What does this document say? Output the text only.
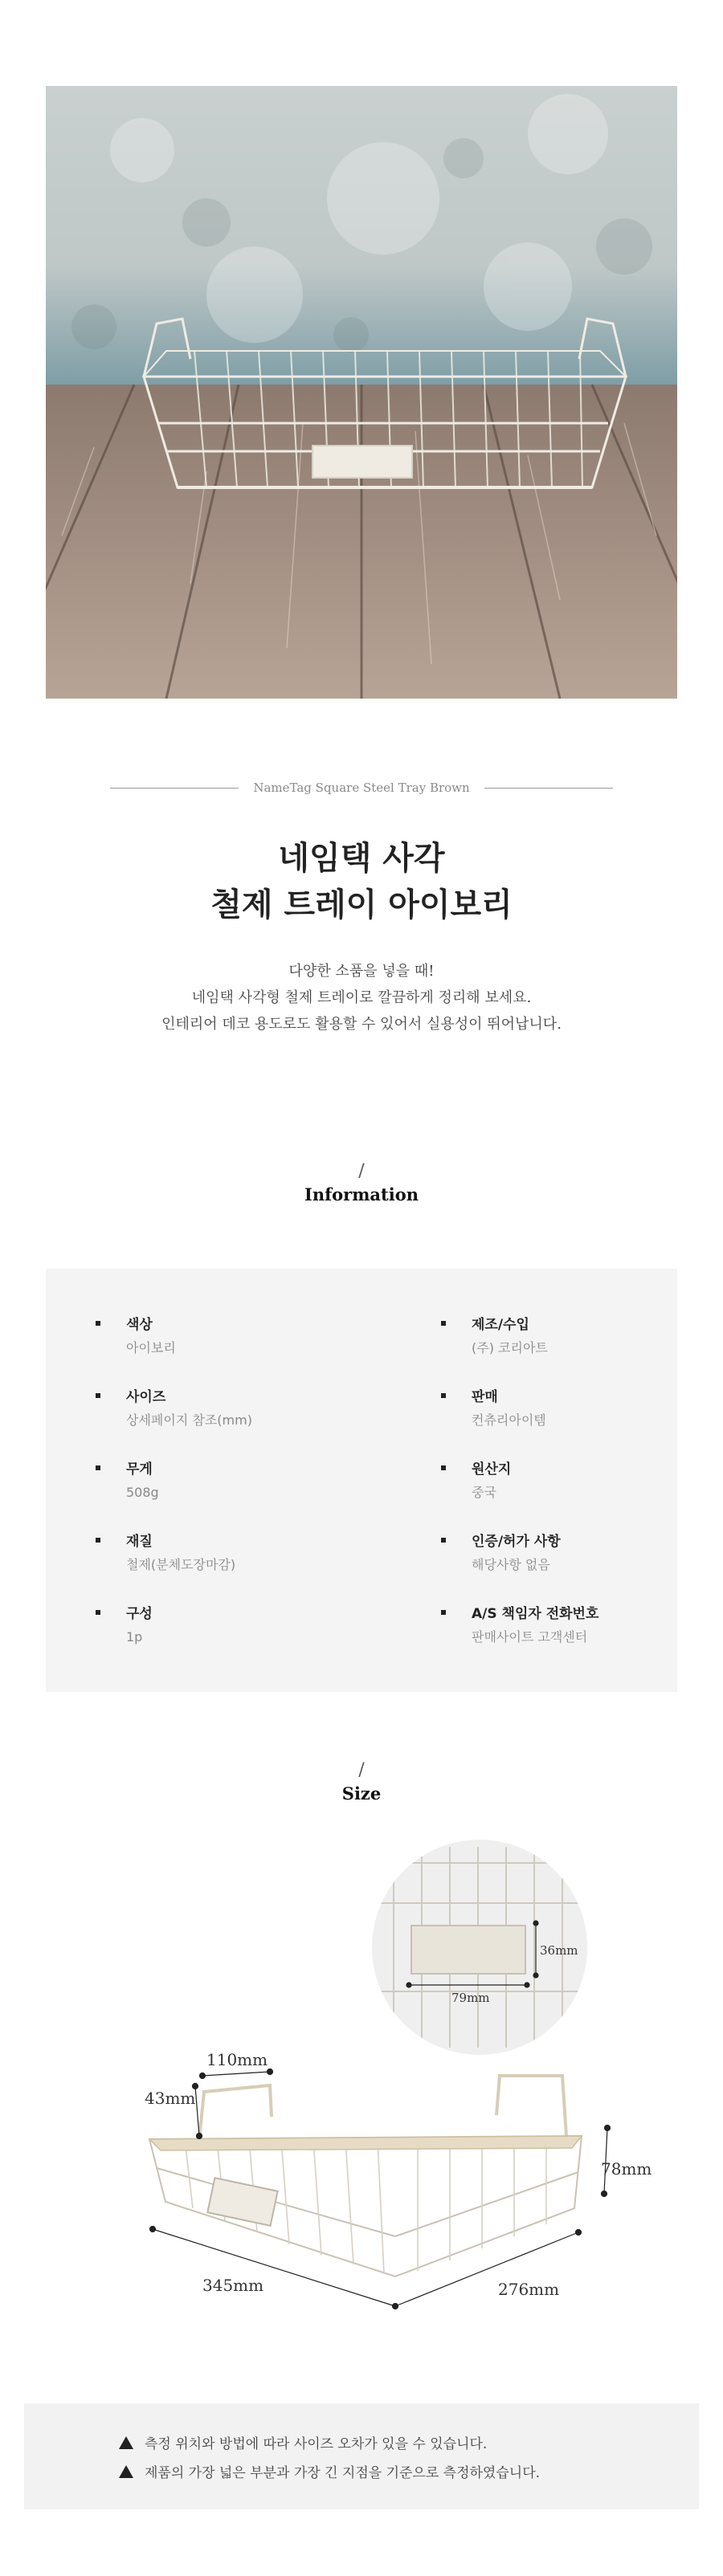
NameTag Square Steel Tray Brown
네임택 사각
철제 트레이 아이보리
다양한 소품을 넣을 때!
네임택 사각형 철제 트레이로 깔끔하게 정리해 보세요.
인테리어 데코 용도로도 활용할 수 있어서 실용성이 뛰어납니다.
/
Information
색상
아이보리
사이즈
상세페이지 참조(mm)
무게
508g
재질
철제(분체도장마감)
구성
1p
제조/수입
(주) 코리아트
판매
컨츄리아이템
원산지
중국
인증/허가 사항
해당사항 없음
A/S 책임자 전화번호
판매사이트 고객센터
/
Size
36mm
79mm
110mm
43mm
78mm
345mm	276mm
측정 위치와 방법에 따라 사이즈 오차가 있을 수 있습니다.
제품의 가장 넓은 부분과 가장 긴 지점을 기준으로 측정하였습니다.
